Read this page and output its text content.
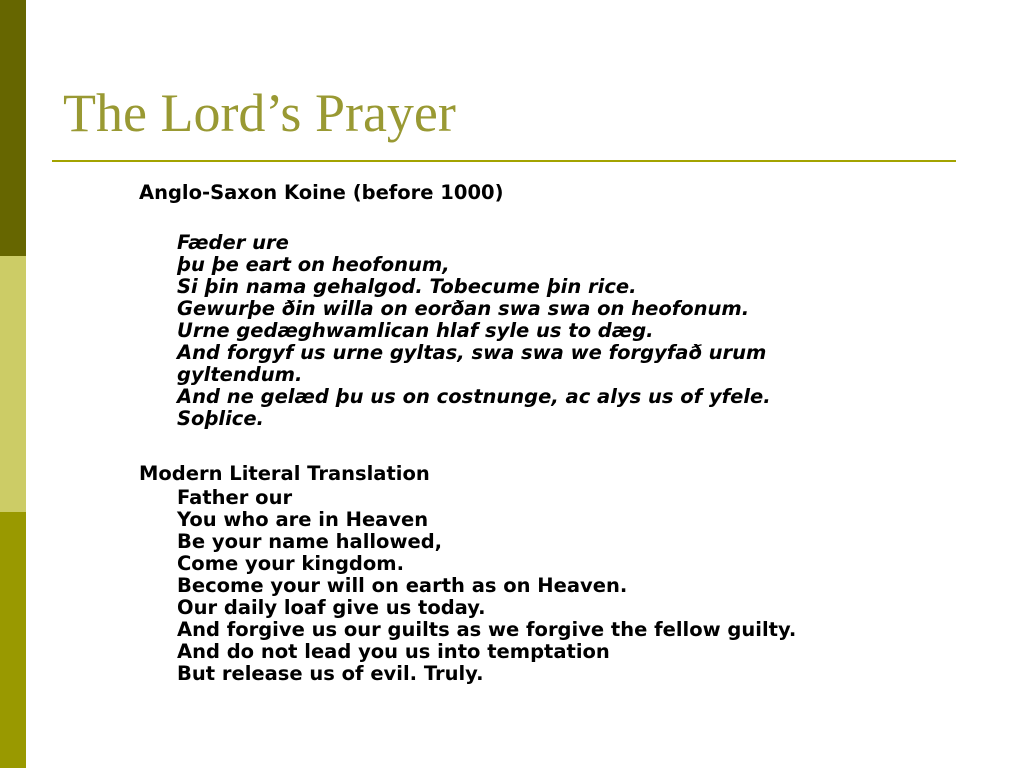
The Lord’s Prayer
Anglo-Saxon Koine (before 1000)
Fæder ure
þu þe eart on heofonum,
Si þin nama gehalgod. Tobecume þin rice.
Gewurþe ðin willa on eorðan swa swa on heofonum.
Urne gedæghwamlican hlaf syle us to dæg.
And forgyf us urne gyltas, swa swa we forgyfað urum
gyltendum.
And ne gelæd þu us on costnunge, ac alys us of yfele.
Soþlice.
Modern Literal Translation
Father our
You who are in Heaven
Be your name hallowed,
Come your kingdom.
Become your will on earth as on Heaven.
Our daily loaf give us today.
And forgive us our guilts as we forgive the fellow guilty.
And do not lead you us into temptation
But release us of evil. Truly.
